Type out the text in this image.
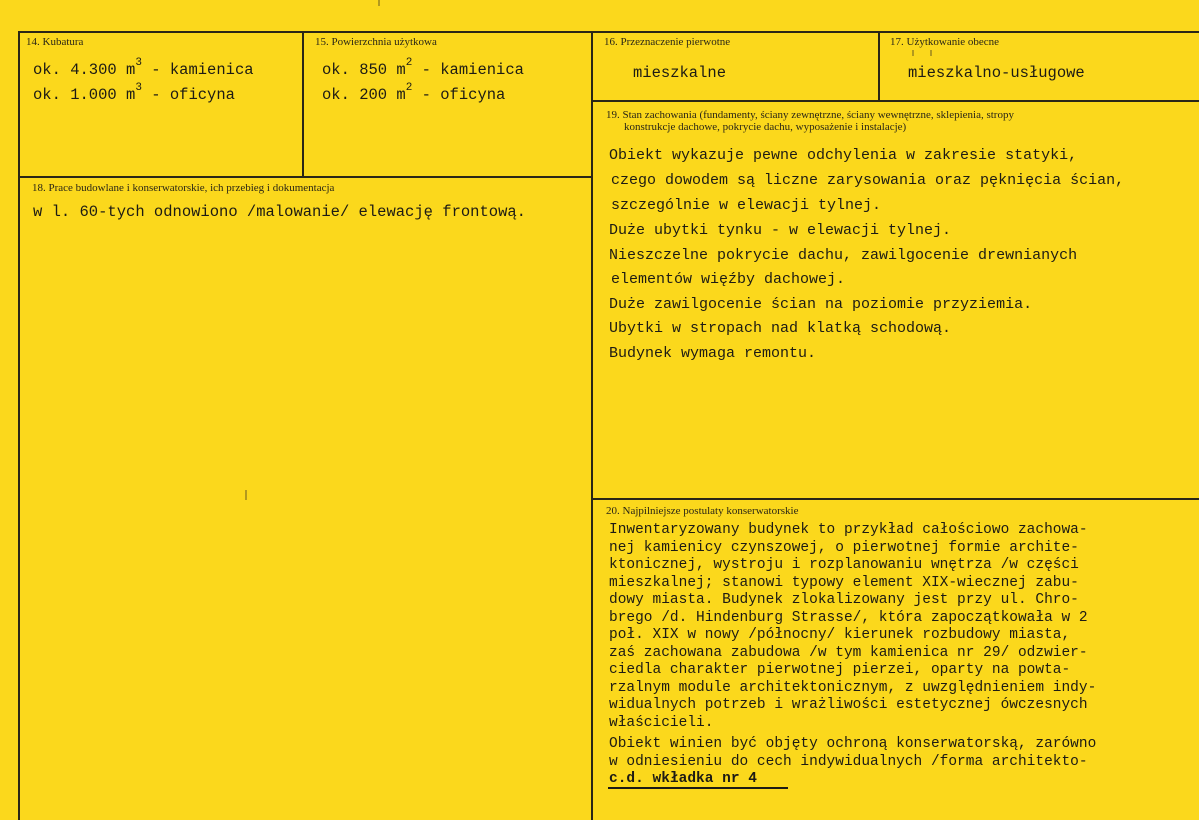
14. Kubatura
ok. 4.300 $m^3$ - kamienica
ok. 1.000 $m^3$ - oficyna
15. Powierzchnia użytkowa
ok. 850 $m^2$ - kamienica
ok. 200 $m^2$ - oficyna
16. Przeznaczenie pierwotne
mieszkalne
17. Użytkowanie obecne
mieszkalno-usługowe
18. Prace budowlane i konserwatorskie, ich przebieg i dokumentacja
w l. 60-tych odnowiono /malowanie/ elewację frontową.
19. Stan zachowania (fundamenty, ściany zewnętrzne, ściany wewnętrzne, sklepienia, stropy
konstrukcje dachowe, pokrycie dachu, wyposażenie i instalacje)
Obiekt wykazuje pewne odchylenia w zakresie statyki,
czego dowodem są liczne zarysowania oraz pęknięcia ścian,
szczególnie w elewacji tylnej.
Duże ubytki tynku - w elewacji tylnej.
Nieszczelne pokrycie dachu, zawilgocenie drewnianych
elementów więźby dachowej.
Duże zawilgocenie ścian na poziomie przyziemia.
Ubytki w stropach nad klatką schodową.
Budynek wymaga remontu.
20. Najpilniejsze postulaty konserwatorskie
Inwentaryzowany budynek to przykład całościowo zachowa-
nej kamienicy czynszowej, o pierwotnej formie archite-
ktonicznej, wystroju i rozplanowaniu wnętrza /w części
mieszkalnej; stanowi typowy element XIX-wiecznej zabu-
dowy miasta. Budynek zlokalizowany jest przy ul. Chro-
brego /d. Hindenburg Strasse/, która zapoczątkowała w 2
poł. XIX w nowy /północny/ kierunek rozbudowy miasta,
zaś zachowana zabudowa /w tym kamienica nr 29/ odzwier-
ciedla charakter pierwotnej pierzei, oparty na powta-
rzalnym module architektonicznym, z uwzględnieniem indy-
widualnych potrzeb i wrażliwości estetycznej ówczesnych
właścicieli.
Obiekt winien być objęty ochroną konserwatorską, zarówno
w odniesieniu do cech indywidualnych /forma architekto-
c.d. wkładka nr 4
